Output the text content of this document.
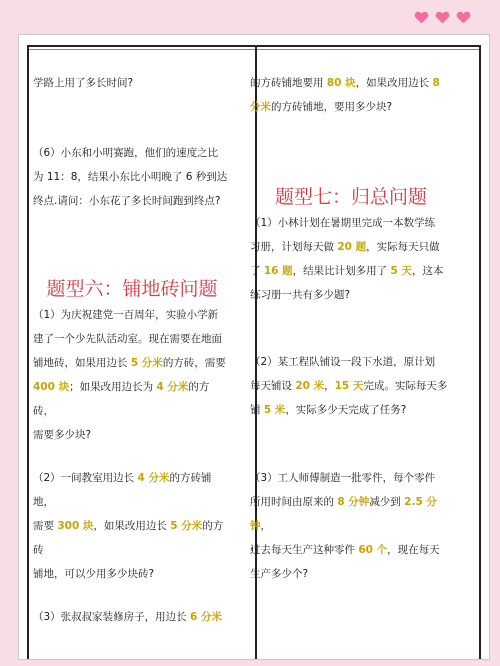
学路上用了多长时间?

（6）小东和小明赛跑，他们的速度之比

为 11：8，结果小东比小明晚了 6 秒到达

终点.请问：小东花了多长时间跑到终点?

题型六：铺地砖问题

（1）为庆祝建党一百周年，实验小学新

建了一个少先队活动室。现在需要在地面

铺地砖，如果用边长 5 分米的方砖，需要

400 块；如果改用边长为 4 分米的方砖，

需要多少块?

（2）一间教室用边长 4 分米的方砖铺地，

需要 300 块，如果改用边长 5 分米的方砖

铺地，可以少用多少块砖?

（3）张叔叔家装修房子，用边长 6 分米

的方砖铺地要用 80 块，如果改用边长 8

分米的方砖铺地，要用多少块?

题型七：归总问题

（1）小林计划在暑期里完成一本数学练

习册，计划每天做 20 题，实际每天只做

了 16 题，结果比计划多用了 5 天，这本

练习册一共有多少题?

（2）某工程队铺设一段下水道，原计划

每天铺设 20 米，15 天完成。实际每天多

铺 5 米，实际多少天完成了任务?

（3）工人师傅制造一批零件，每个零件

所用时间由原来的 8 分钟减少到 2.5 分钟，

过去每天生产这种零件 60 个，现在每天

生产多少个?
